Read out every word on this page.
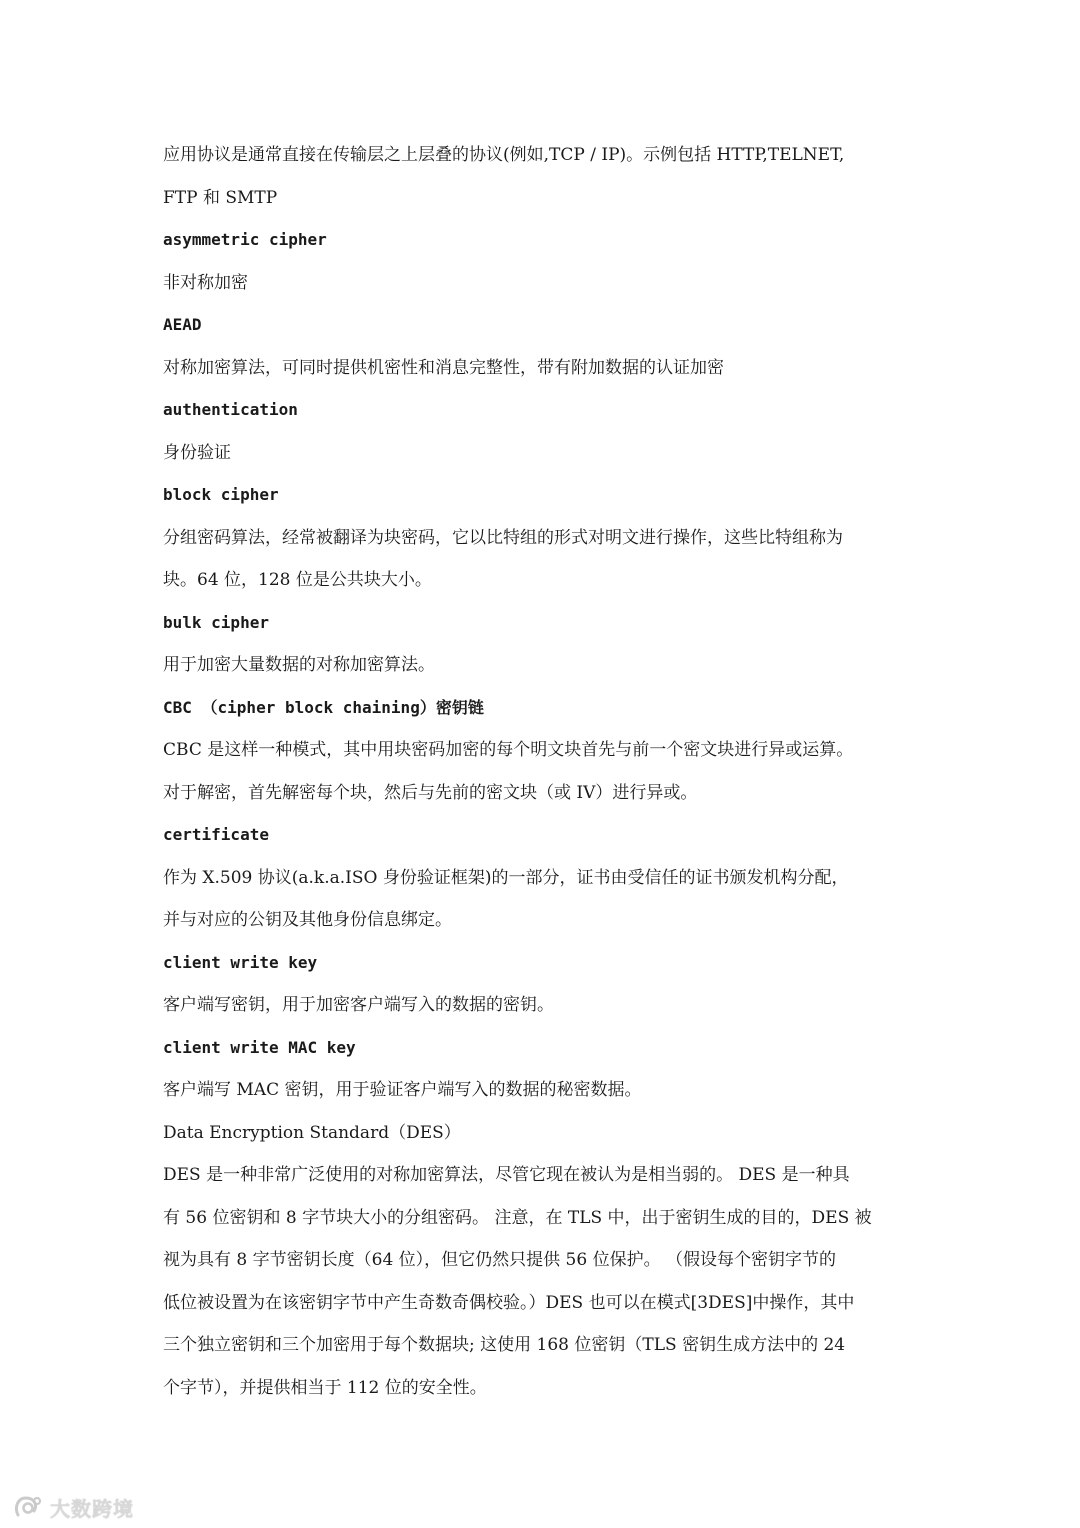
应用协议是通常直接在传输层之上层叠的协议(例如,TCP / IP)。示例包括 HTTP,TELNET,
FTP 和 SMTP
asymmetric cipher
非对称加密
AEAD
对称加密算法，可同时提供机密性和消息完整性，带有附加数据的认证加密
authentication
身份验证
block cipher
分组密码算法，经常被翻译为块密码，它以比特组的形式对明文进行操作，这些比特组称为
块。64 位，128 位是公共块大小。
bulk cipher
用于加密大量数据的对称加密算法。
CBC （cipher block chaining）密钥链
CBC 是这样一种模式，其中用块密码加密的每个明文块首先与前一个密文块进行异或运算。
对于解密，首先解密每个块，然后与先前的密文块（或 IV）进行异或。
certificate
作为 X.509 协议(a.k.a.ISO 身份验证框架)的一部分，证书由受信任的证书颁发机构分配，
并与对应的公钥及其他身份信息绑定。
client write key
客户端写密钥，用于加密客户端写入的数据的密钥。
client write MAC key
客户端写 MAC 密钥，用于验证客户端写入的数据的秘密数据。
Data Encryption Standard（DES）
DES 是一种非常广泛使用的对称加密算法，尽管它现在被认为是相当弱的。 DES 是一种具
有 56 位密钥和 8 字节块大小的分组密码。 注意，在 TLS 中，出于密钥生成的目的，DES 被
视为具有 8 字节密钥长度（64 位），但它仍然只提供 56 位保护。 （假设每个密钥字节的
低位被设置为在该密钥字节中产生奇数奇偶校验。）DES 也可以在模式[3DES]中操作，其中
三个独立密钥和三个加密用于每个数据块; 这使用 168 位密钥（TLS 密钥生成方法中的 24
个字节），并提供相当于 112 位的安全性。
大数跨境
